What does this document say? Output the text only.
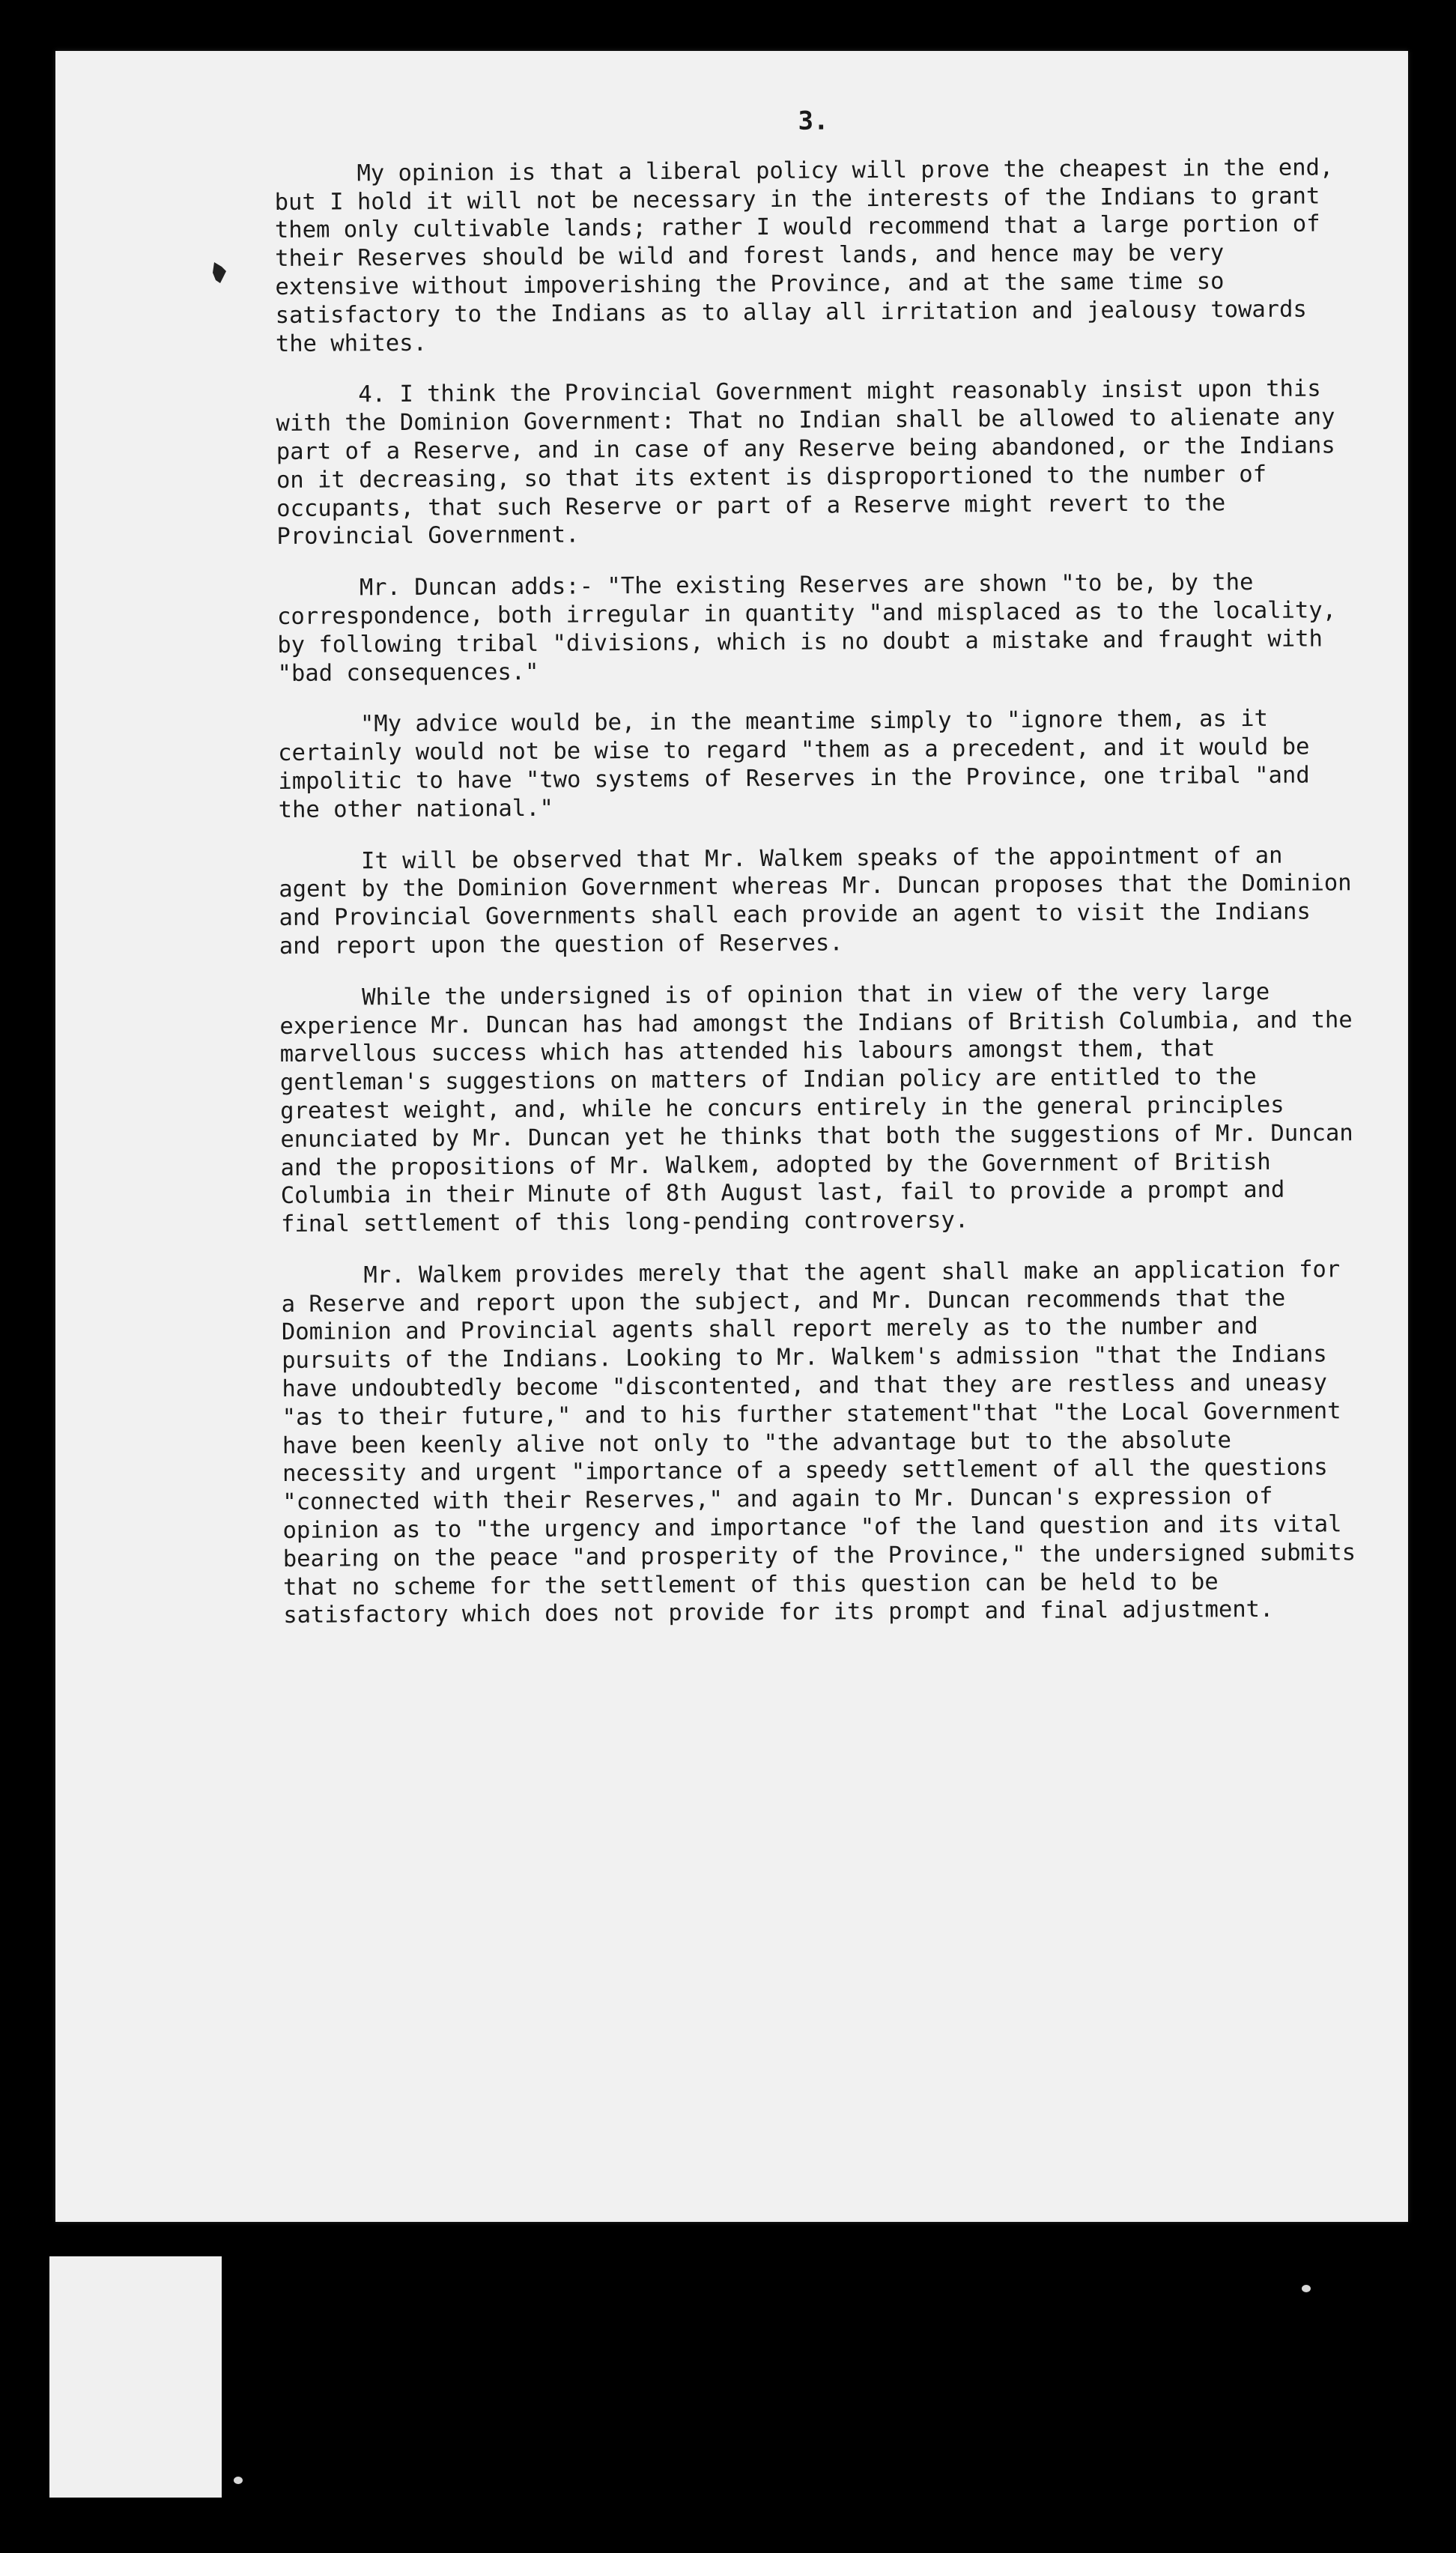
3.

My opinion is that a liberal policy will prove the cheapest in the end, but I hold it will not be necessary in the interests of the Indians to grant them only cultivable lands; rather I would recommend that a large portion of their Reserves should be wild and forest lands, and hence may be very extensive without impoverishing the Province, and at the same time so satisfactory to the Indians as to allay all irritation and jealousy towards the whites.

4. I think the Provincial Government might reasonably insist upon this with the Dominion Government: That no Indian shall be allowed to alienate any part of a Reserve, and in case of any Reserve being abandoned, or the Indians on it decreasing, so that its extent is disproportioned to the number of occupants, that such Reserve or part of a Reserve might revert to the Provincial Government.

Mr. Duncan adds:- "The existing Reserves are shown "to be, by the correspondence, both irregular in quantity "and misplaced as to the locality, by following tribal "divisions, which is no doubt a mistake and fraught with "bad consequences."

"My advice would be, in the meantime simply to "ignore them, as it certainly would not be wise to regard "them as a precedent, and it would be impolitic to have "two systems of Reserves in the Province, one tribal "and the other national."

It will be observed that Mr. Walkem speaks of the appointment of an agent by the Dominion Government whereas Mr. Duncan proposes that the Dominion and Provincial Governments shall each provide an agent to visit the Indians and report upon the question of Reserves.

While the undersigned is of opinion that in view of the very large experience Mr. Duncan has had amongst the Indians of British Columbia, and the marvellous success which has attended his labours amongst them, that gentleman's suggestions on matters of Indian policy are entitled to the greatest weight, and, while he concurs entirely in the general principles enunciated by Mr. Duncan yet he thinks that both the suggestions of Mr. Duncan and the propositions of Mr. Walkem, adopted by the Government of British Columbia in their Minute of 8th August last, fail to provide a prompt and final settlement of this long-pending controversy.

Mr. Walkem provides merely that the agent shall make an application for a Reserve and report upon the subject, and Mr. Duncan recommends that the Dominion and Provincial agents shall report merely as to the number and pursuits of the Indians. Looking to Mr. Walkem's admission "that the Indians have undoubtedly become "discontented, and that they are restless and uneasy "as to their future," and to his further statement"that "the Local Government have been keenly alive not only to "the advantage but to the absolute necessity and urgent "importance of a speedy settlement of all the questions "connected with their Reserves," and again to Mr. Duncan's expression of opinion as to "the urgency and importance "of the land question and its vital bearing on the peace "and prosperity of the Province," the undersigned submits that no scheme for the settlement of this question can be held to be satisfactory which does not provide for its prompt and final adjustment.
